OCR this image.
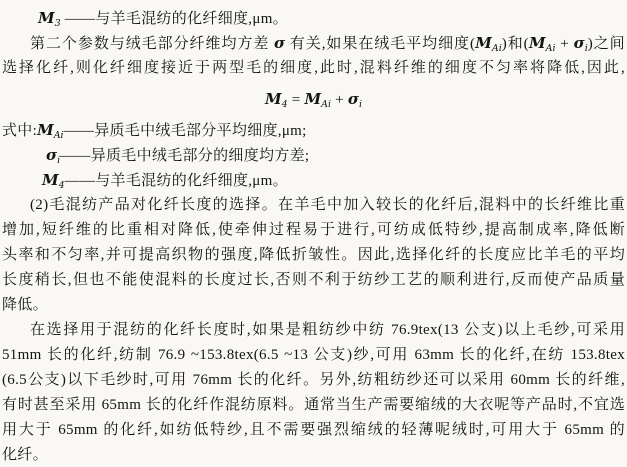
$M_3$ ——与羊毛混纺的化纤细度,μm。
第二个参数与绒毛部分纤维均方差 σ 有关,如果在绒毛平均细度$(M_{Ai})$和$(M_{Ai} + \sigma_i)$之间
选择化纤,则化纤细度接近于两型毛的细度,此时,混料纤维的细度不匀率将降低,因此,
$M_4 = M_{Ai} + \sigma_i$
式中$:M_{Ai}——$异质毛中绒毛部分平均细度,μm;
$\sigma_i——$异质毛中绒毛部分的细度均方差;
$M_4——$与羊毛混纺的化纤细度,μm。
(2)毛混纺产品对化纤长度的选择。在羊毛中加入较长的化纤后,混料中的长纤维比重
增加,短纤维的比重相对降低,使牵伸过程易于进行,可纺成低特纱,提高制成率,降低断
头率和不匀率,并可提高织物的强度,降低折皱性。因此,选择化纤的长度应比羊毛的平均
长度稍长,但也不能使混料的长度过长,否则不利于纺纱工艺的顺利进行,反而使产品质量
降低。
在选择用于混纺的化纤长度时,如果是粗纺纱中纺 76.9tex(13 公支)以上毛纱,可采用
51mm 长的化纤,纺制 76.9 ~153.8tex(6.5 ~13 公支)纱,可用 63mm 长的化纤,在纺 153.8tex
(6.5公支)以下毛纱时,可用 76mm 长的化纤。另外,纺粗纺纱还可以采用 60mm 长的纤维,
有时甚至采用 65mm 长的化纤作混纺原料。通常当生产需要缩绒的大衣呢等产品时,不宜选
用大于 65mm 的化纤,如纺低特纱,且不需要强烈缩绒的轻薄呢绒时,可用大于 65mm 的
化纤。
